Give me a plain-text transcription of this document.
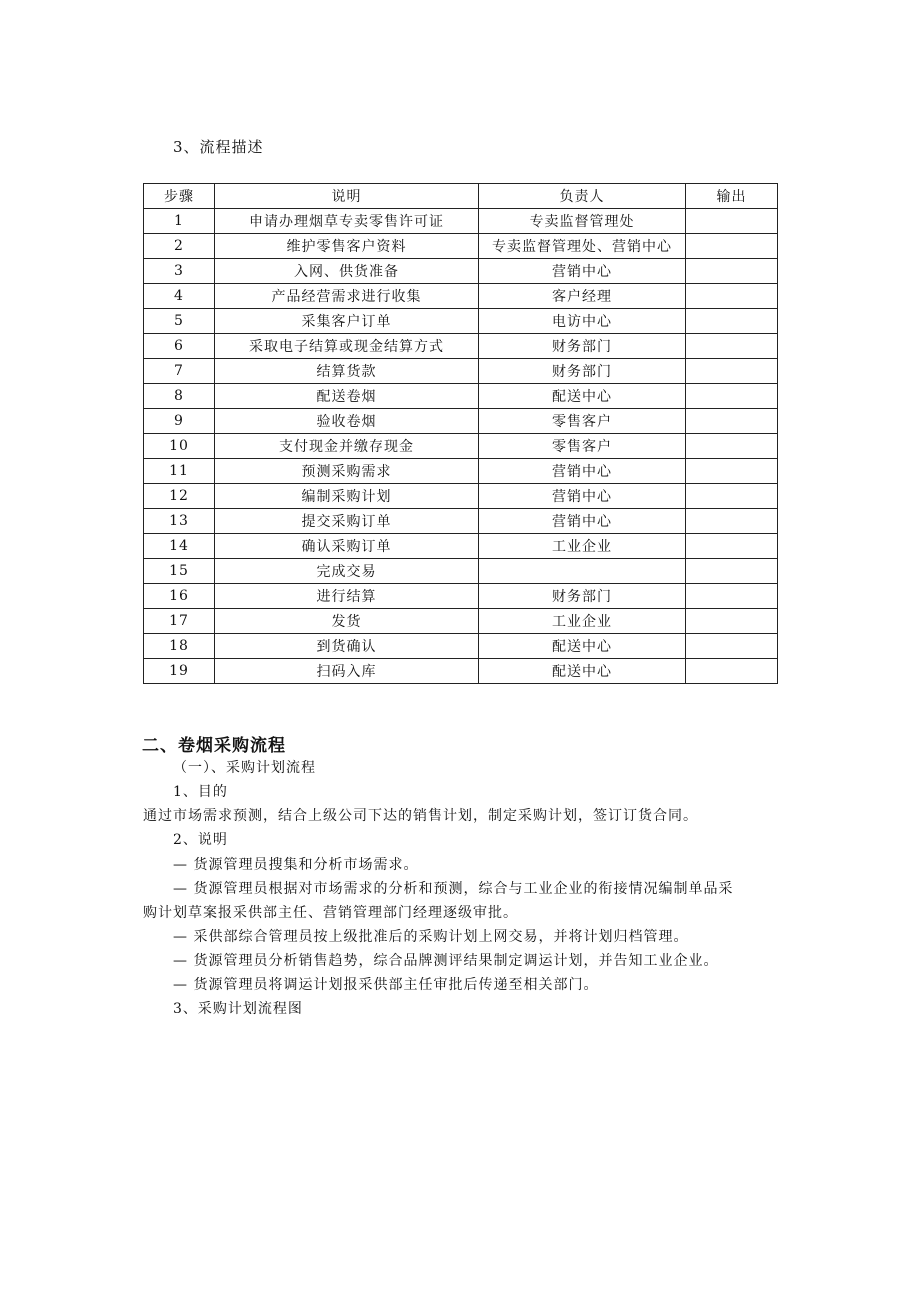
3、流程描述
步骤	说明	负责人	输出
1	申请办理烟草专卖零售许可证	专卖监督管理处	
2	维护零售客户资料	专卖监督管理处、营销中心	
3	入网、供货准备	营销中心	
4	产品经营需求进行收集	客户经理	
5	采集客户订单	电访中心	
6	采取电子结算或现金结算方式	财务部门	
7	结算货款	财务部门	
8	配送卷烟	配送中心	
9	验收卷烟	零售客户	
10	支付现金并缴存现金	零售客户	
11	预测采购需求	营销中心	
12	编制采购计划	营销中心	
13	提交采购订单	营销中心	
14	确认采购订单	工业企业	
15	完成交易		
16	进行结算	财务部门	
17	发货	工业企业	
18	到货确认	配送中心	
19	扫码入库	配送中心	
二、卷烟采购流程
（一）、采购计划流程
1、目的
通过市场需求预测，结合上级公司下达的销售计划，制定采购计划，签订订货合同。
2、说明
— 货源管理员搜集和分析市场需求。
— 货源管理员根据对市场需求的分析和预测，综合与工业企业的衔接情况编制单品采
购计划草案报采供部主任、营销管理部门经理逐级审批。
— 采供部综合管理员按上级批准后的采购计划上网交易，并将计划归档管理。
— 货源管理员分析销售趋势，综合品牌测评结果制定调运计划，并告知工业企业。
— 货源管理员将调运计划报采供部主任审批后传递至相关部门。
3、采购计划流程图
